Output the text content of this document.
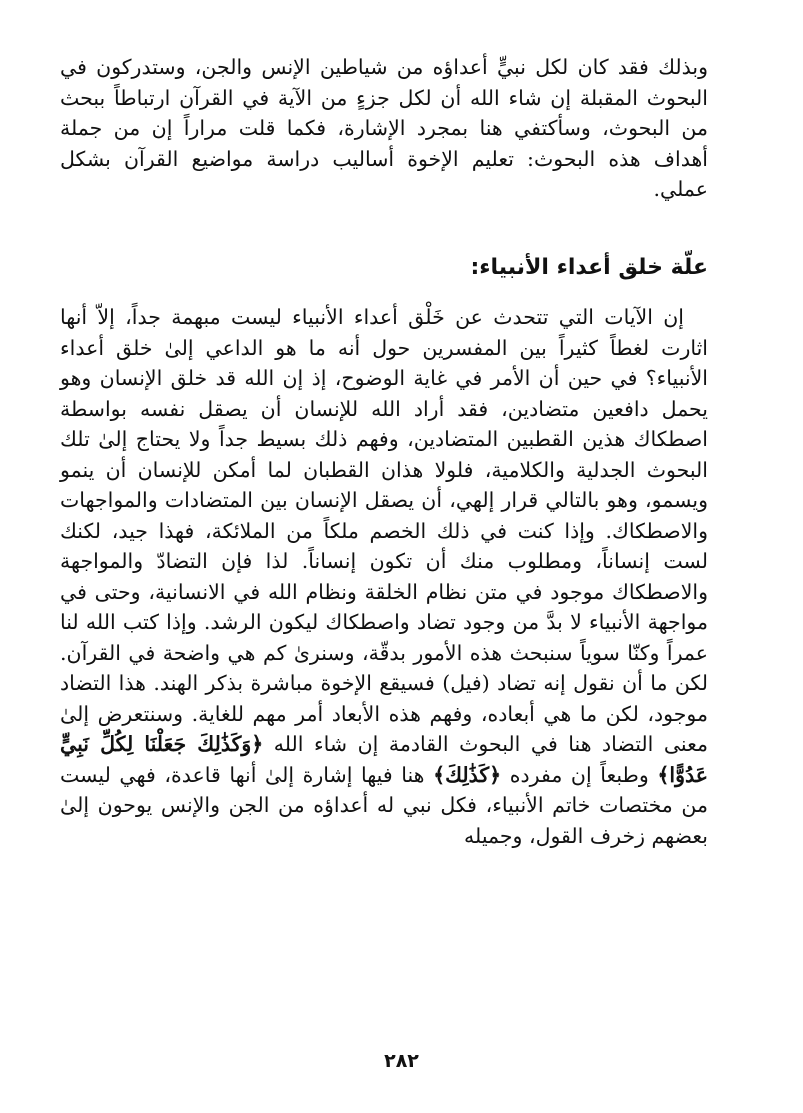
وبذلك فقد كان لكل نبيٍّ أعداؤه من شياطين الإنس والجن، وستدركون في البحوث المقبلة إن شاء الله أن لكل جزءٍ من الآية في القرآن ارتباطاً ببحث من البحوث، وسأكتفي هنا بمجرد الإشارة، فكما قلت مراراً إن من جملة أهداف هذه البحوث: تعليم الإخوة أساليب دراسة مواضيع القرآن بشكل عملي.
علّة خلق أعداء الأنبياء:
إن الآيات التي تتحدث عن خَلْق أعداء الأنبياء ليست مبهمة جداً، إلاّ أنها اثارت لغطاً كثيراً بين المفسرين حول أنه ما هو الداعي إلىٰ خلق أعداء الأنبياء؟ في حين أن الأمر في غاية الوضوح، إذ إن الله قد خلق الإنسان وهو يحمل دافعين متضادين، فقد أراد الله للإنسان أن يصقل نفسه بواسطة اصطكاك هذين القطبين المتضادين، وفهم ذلك بسيط جداً ولا يحتاج إلىٰ تلك البحوث الجدلية والكلامية، فلولا هذان القطبان لما أمكن للإنسان أن ينمو ويسمو، وهو بالتالي قرار إلهي، أن يصقل الإنسان بين المتضادات والمواجهات والاصطكاك. وإذا كنت في ذلك الخصم ملكاً من الملائكة، فهذا جيد، لكنك لست إنساناً، ومطلوب منك أن تكون إنساناً. لذا فإن التضادّ والمواجهة والاصطكاك موجود في متن نظام الخلقة ونظام الله في الانسانية، وحتى في مواجهة الأنبياء لا بدَّ من وجود تضاد واصطكاك ليكون الرشد. وإذا كتب الله لنا عمراً وكنّا سوياً سنبحث هذه الأمور بدقّة، وسنرىٰ كم هي واضحة في القرآن. لكن ما أن نقول إنه تضاد (فيل) فسيقع الإخوة مباشرة بذكر الهند. هذا التضاد موجود، لكن ما هي أبعاده، وفهم هذه الأبعاد أمر مهم للغاية. وسنتعرض إلىٰ معنى التضاد هنا في البحوث القادمة إن شاء الله ﴿وَكَذَٰلِكَ جَعَلْنَا لِكُلِّ نَبِيٍّ عَدُوًّا﴾ وطبعاً إن مفرده ﴿كَذَٰلِكَ﴾ هنا فيها إشارة إلىٰ أنها قاعدة، فهي ليست من مختصات خاتم الأنبياء، فكل نبي له أعداؤه من الجن والإنس يوحون إلىٰ بعضهم زخرف القول، وجميله
٢٨٢
